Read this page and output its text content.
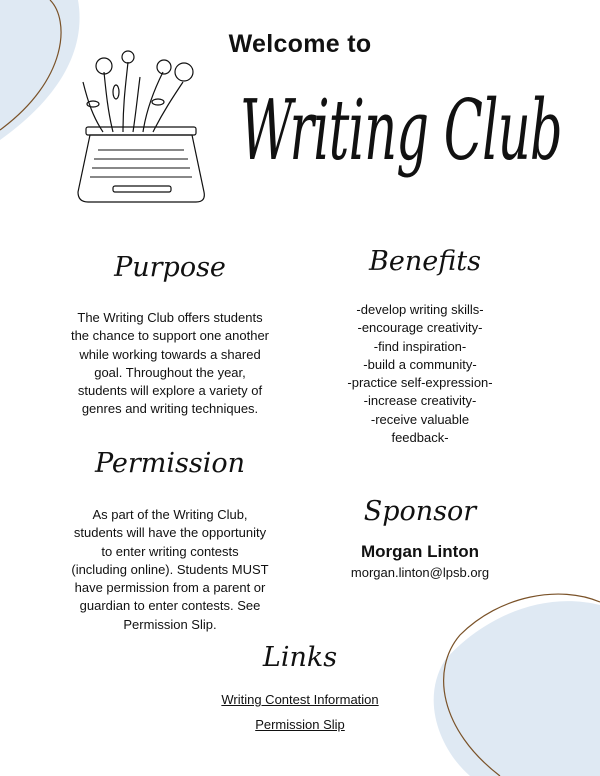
Welcome to
Writing Club
Purpose
The Writing Club offers students
the chance to support one another
while working towards a shared
goal. Throughout the year,
students will explore a variety of
genres and writing techniques.
Benefits
-develop writing skills-
-encourage creativity-
-find inspiration-
-build a community-
-practice self-expression-
-increase creativity-
-receive valuable
feedback-
Permission
As part of the Writing Club,
students will have the opportunity
to enter writing contests
(including online). Students MUST
have permission from a parent or
guardian to enter contests. See
Permission Slip.
Sponsor
Morgan Linton
morgan.linton@lpsb.org
Links
Writing Contest Information
Permission Slip
